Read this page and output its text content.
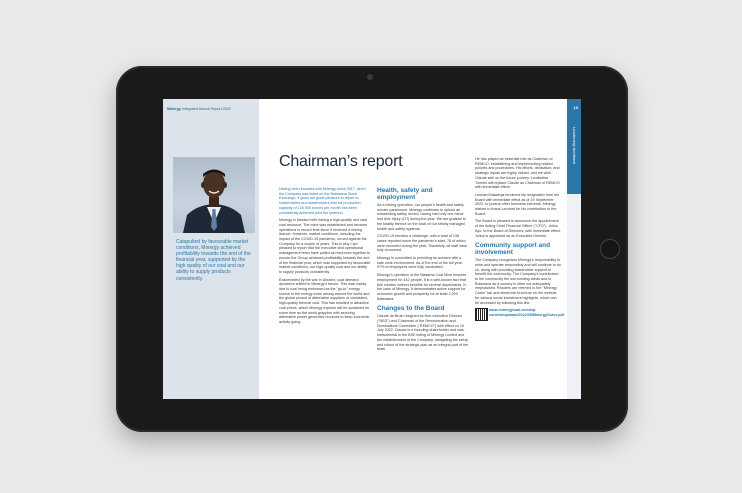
Minergy Integrated Annual Report 2022
Catapulted by favourable market conditions, Minergy achieved profitability towards the end of the financial year, supported by the high quality of our coal and our ability to supply products consistently.
Chairman’s report

Having been involved with Minergy since 2017, when the Company was listed on the Botswana Stock Exchange, it gives me great pleasure to report to shareholders and stakeholders that full production capacity of 125 000 tonnes per month has been consistently achieved post the yearend.

Minergy is blessed with having a high-quality and vast coal resource. The mine was established and became operations in record time since it received a mining licence. However, market conditions, including the impact of the COVID-19 pandemic, turned against the Company for a couple of years. This is why I am pleased to report that the executive and operational management team have pulled all resources together to ensure the Group achieved profitability towards the end of the financial year, which was supported by favourable market conditions, our high-quality coal and our ability to supply products consistently.

Exacerbated by the war in Ukraine, coal demand dynamics shifted in Minergy's favour. This was mainly due to coal being embraced as the "go-to" energy source in the energy crisis arising around the world and the global pursuit of alternative suppliers of consistent, high-quality thermal coal. This has resulted in attractive coal prices, which Minergy expects will be sustained for some time as the world grapples with securing alternative power generation sources to keep economic activity going.

Health, safety and employment

As a mining operation, our people's health and safety remain paramount. Minergy continues to uphold an outstanding safety record, having had only one minor lost time injury (LTI) during the year. We are grateful to the totality thereof on the back of our strictly managed health and safety systems.

COVID-19 remains a challenge, with a total of 138 cases reported since the pandemic's start, 78 of which were recorded during the year. Thankfully, all staff have fully recovered.

Minergy is committed to providing its workers with a safe work environment. As of the end of the full year, 97% of employees were fully vaccinated.

Minergy's operation of the Masama Coal Mine ensures employment for 442 people. It is a well-known fact that this creates indirect benefits for several dependants. In the case of Minergy, it demonstrates active support for economic growth and prosperity for at least 3,200 Batswana.

Changes to the Board

Claude de Bruin resigned as Non-executive Director ("NED") and Chairman of the Remuneration and Nominations Committee ("REMCO") with effect on 15 July 2022. Claude is a founding shareholder and was instrumental in the BSE listing of Minergy Limited and the establishment of the Company, navigating the setup and rollout of the strategic plan as an integral part of the team.

He has played an essential role as Chairman of REMCO, establishing and implementing related policies and procedures. His efforts, dedication, and strategic inputs are highly valued, and we wish Claude well on the future journey. Leutlwetse Tumelo will replace Claude as Chairman of REMCO with immediate effect.

Leonard Mawenja tendered his resignation from the Board with immediate effect as of 19 September 2022, to pursue other business interests. Minergy wishes to thank Leonard for his contribution to the Board.

The Board is pleased to announce the appointment of the Acting Chief Financial Officer ("CFO"), Julius Ayo, to the Board of Directors, with immediate effect. Julius is appointed as an Executive Director.

Community support and involvement

The Company recognises Minergy's responsibility to mine and operate responsibly and will continue to do so, along with providing stakeholder support to benefit the community. The Company's contribution to the community the surrounding areas and to Botswana as a country is often not adequately emphasised. Readers are referred to the "Minergy Cares" tab and electronic brochure on the website for various social investment highlights, which can be accessed by following this link:

www.minergycoal.com/wp-content/uploads/2022/09/MinergyCares.pdf
15
Leadership feedback
